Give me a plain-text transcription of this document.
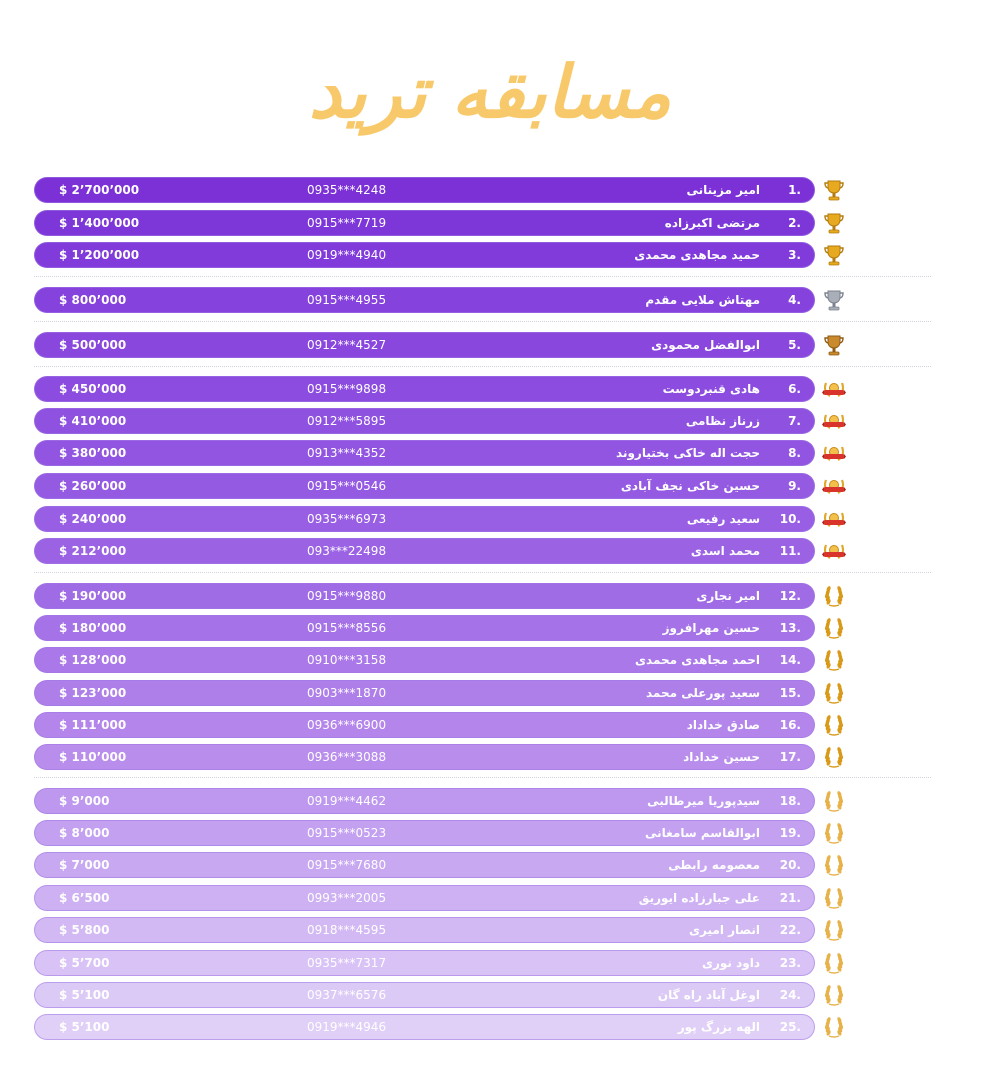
مسابقه ترید
$ 2’700’000	0935***4248	امیر مزینانی 1.
$ 1’400’000	0915***7719	مرتضی اکبرزاده 2.
$ 1’200’000	0919***4940	حمید مجاهدی محمدی 3.
$ 800’000	0915***4955	مهتاش ملایی مقدم 4.
$ 500’000	0912***4527	ابوالفضل محمودی 5.
$ 450’000	0915***9898	هادی قنبردوست 6.
$ 410’000	0912***5895	زرناز نظامی 7.
$ 380’000	0913***4352	حجت اله خاکی بختیاروند 8.
$ 260’000	0915***0546	حسین خاکی نجف آبادی 9.
$ 240’000	0935***6973	سعید رفیعی 10.
$ 212’000	093***22498	محمد اسدی 11.
$ 190’000	0915***9880	امیر نجاری 12.
$ 180’000	0915***8556	حسین مهرافروز 13.
$ 128’000	0910***3158	احمد مجاهدی محمدی 14.
$ 123’000	0903***1870	سعید پورعلی محمد 15.
$ 111’000	0936***6900	صادق خداداد 16.
$ 110’000	0936***3088	حسین خداداد 17.
$ 9’000	0919***4462	سیدپوریا میرطالبی 18.
$ 8’000	0915***0523	ابوالقاسم سامغانی 19.
$ 7’000	0915***7680	معصومه رابطی 20.
$ 6’500	0993***2005	علی جبارزاده ایوریق 21.
$ 5’800	0918***4595	انصار امیری 22.
$ 5’700	0935***7317	داود نوری 23.
$ 5’100	0937***6576	اوغل آباد راه گان 24.
$ 5’100	0919***4946	الهه بزرگ پور 25.
